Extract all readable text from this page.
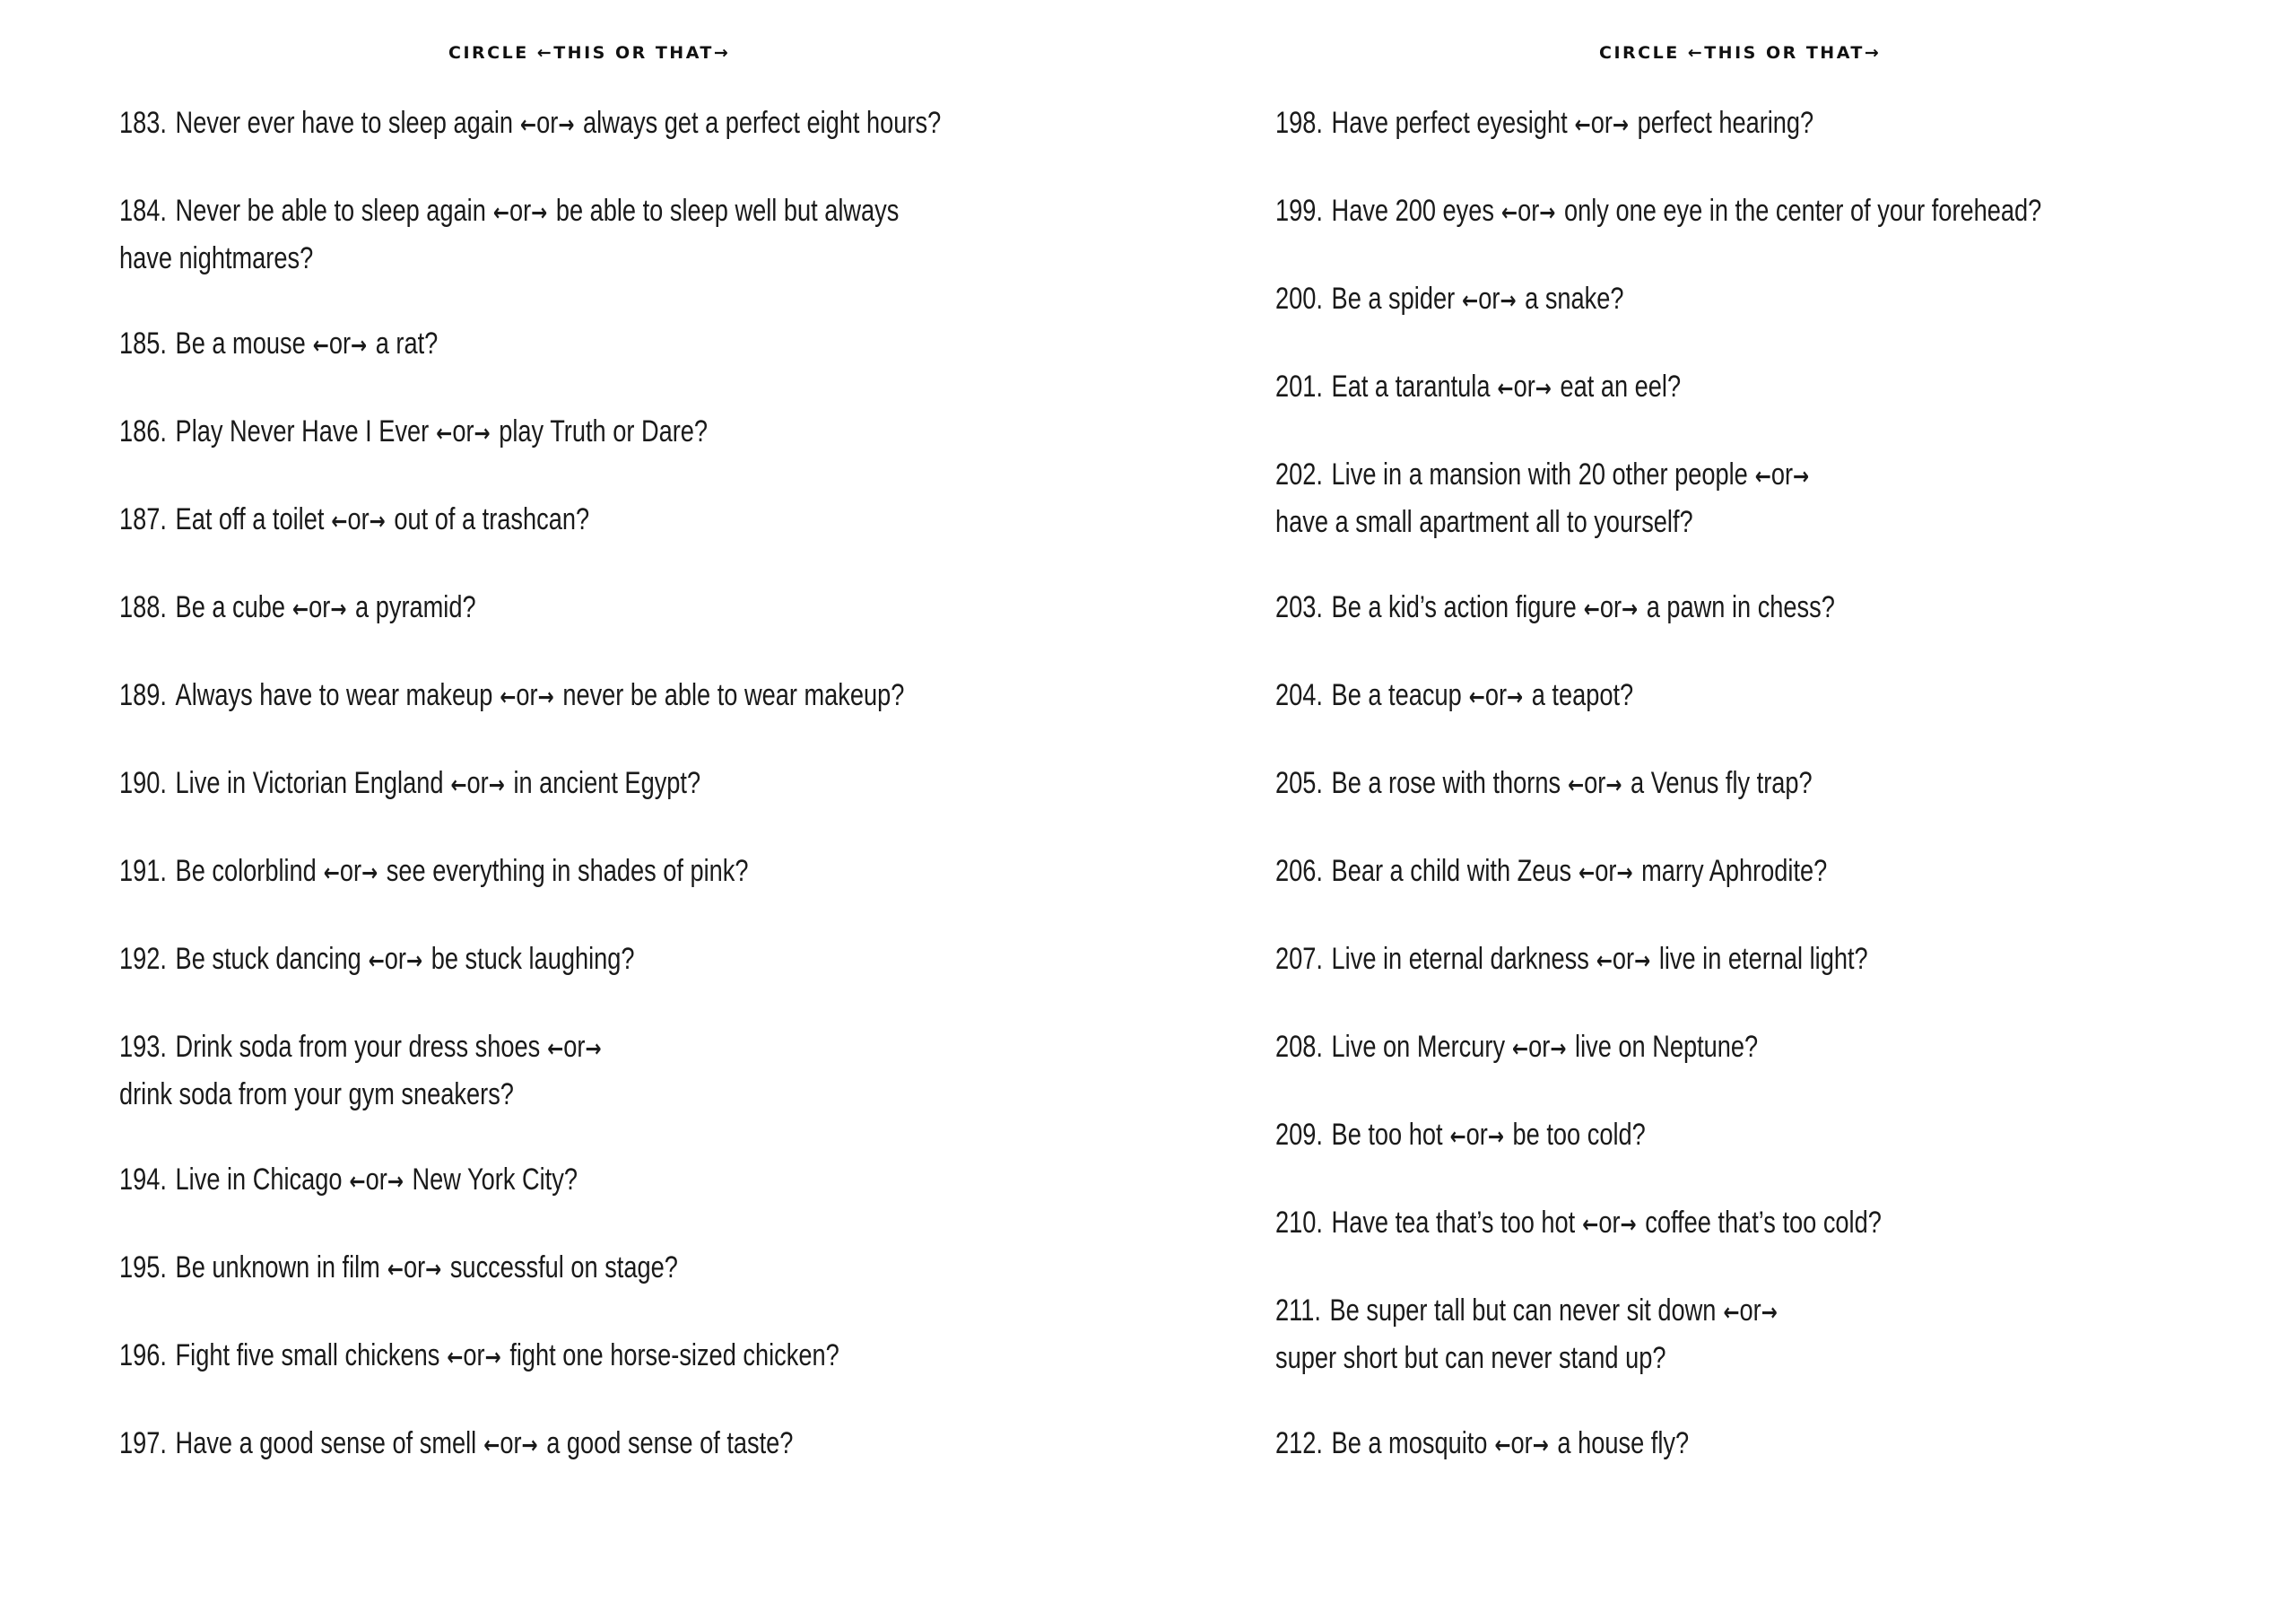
CIRCLE ←THIS OR THAT→
183. Never ever have to sleep again ←or→ always get a perfect eight hours?
184. Never be able to sleep again ←or→ be able to sleep well but always
have nightmares?
185. Be a mouse ←or→ a rat?
186. Play Never Have I Ever ←or→ play Truth or Dare?
187. Eat off a toilet ←or→ out of a trashcan?
188. Be a cube ←or→ a pyramid?
189. Always have to wear makeup ←or→ never be able to wear makeup?
190. Live in Victorian England ←or→ in ancient Egypt?
191. Be colorblind ←or→ see everything in shades of pink?
192. Be stuck dancing ←or→ be stuck laughing?
193. Drink soda from your dress shoes ←or→
drink soda from your gym sneakers?
194. Live in Chicago ←or→ New York City?
195. Be unknown in film ←or→ successful on stage?
196. Fight five small chickens ←or→ fight one horse-sized chicken?
197. Have a good sense of smell ←or→ a good sense of taste?
CIRCLE ←THIS OR THAT→
198. Have perfect eyesight ←or→ perfect hearing?
199. Have 200 eyes ←or→ only one eye in the center of your forehead?
200. Be a spider ←or→ a snake?
201. Eat a tarantula ←or→ eat an eel?
202. Live in a mansion with 20 other people ←or→
have a small apartment all to yourself?
203. Be a kid’s action figure ←or→ a pawn in chess?
204. Be a teacup ←or→ a teapot?
205. Be a rose with thorns ←or→ a Venus fly trap?
206. Bear a child with Zeus ←or→ marry Aphrodite?
207. Live in eternal darkness ←or→ live in eternal light?
208. Live on Mercury ←or→ live on Neptune?
209. Be too hot ←or→ be too cold?
210. Have tea that’s too hot ←or→ coffee that’s too cold?
211. Be super tall but can never sit down ←or→
super short but can never stand up?
212. Be a mosquito ←or→ a house fly?
